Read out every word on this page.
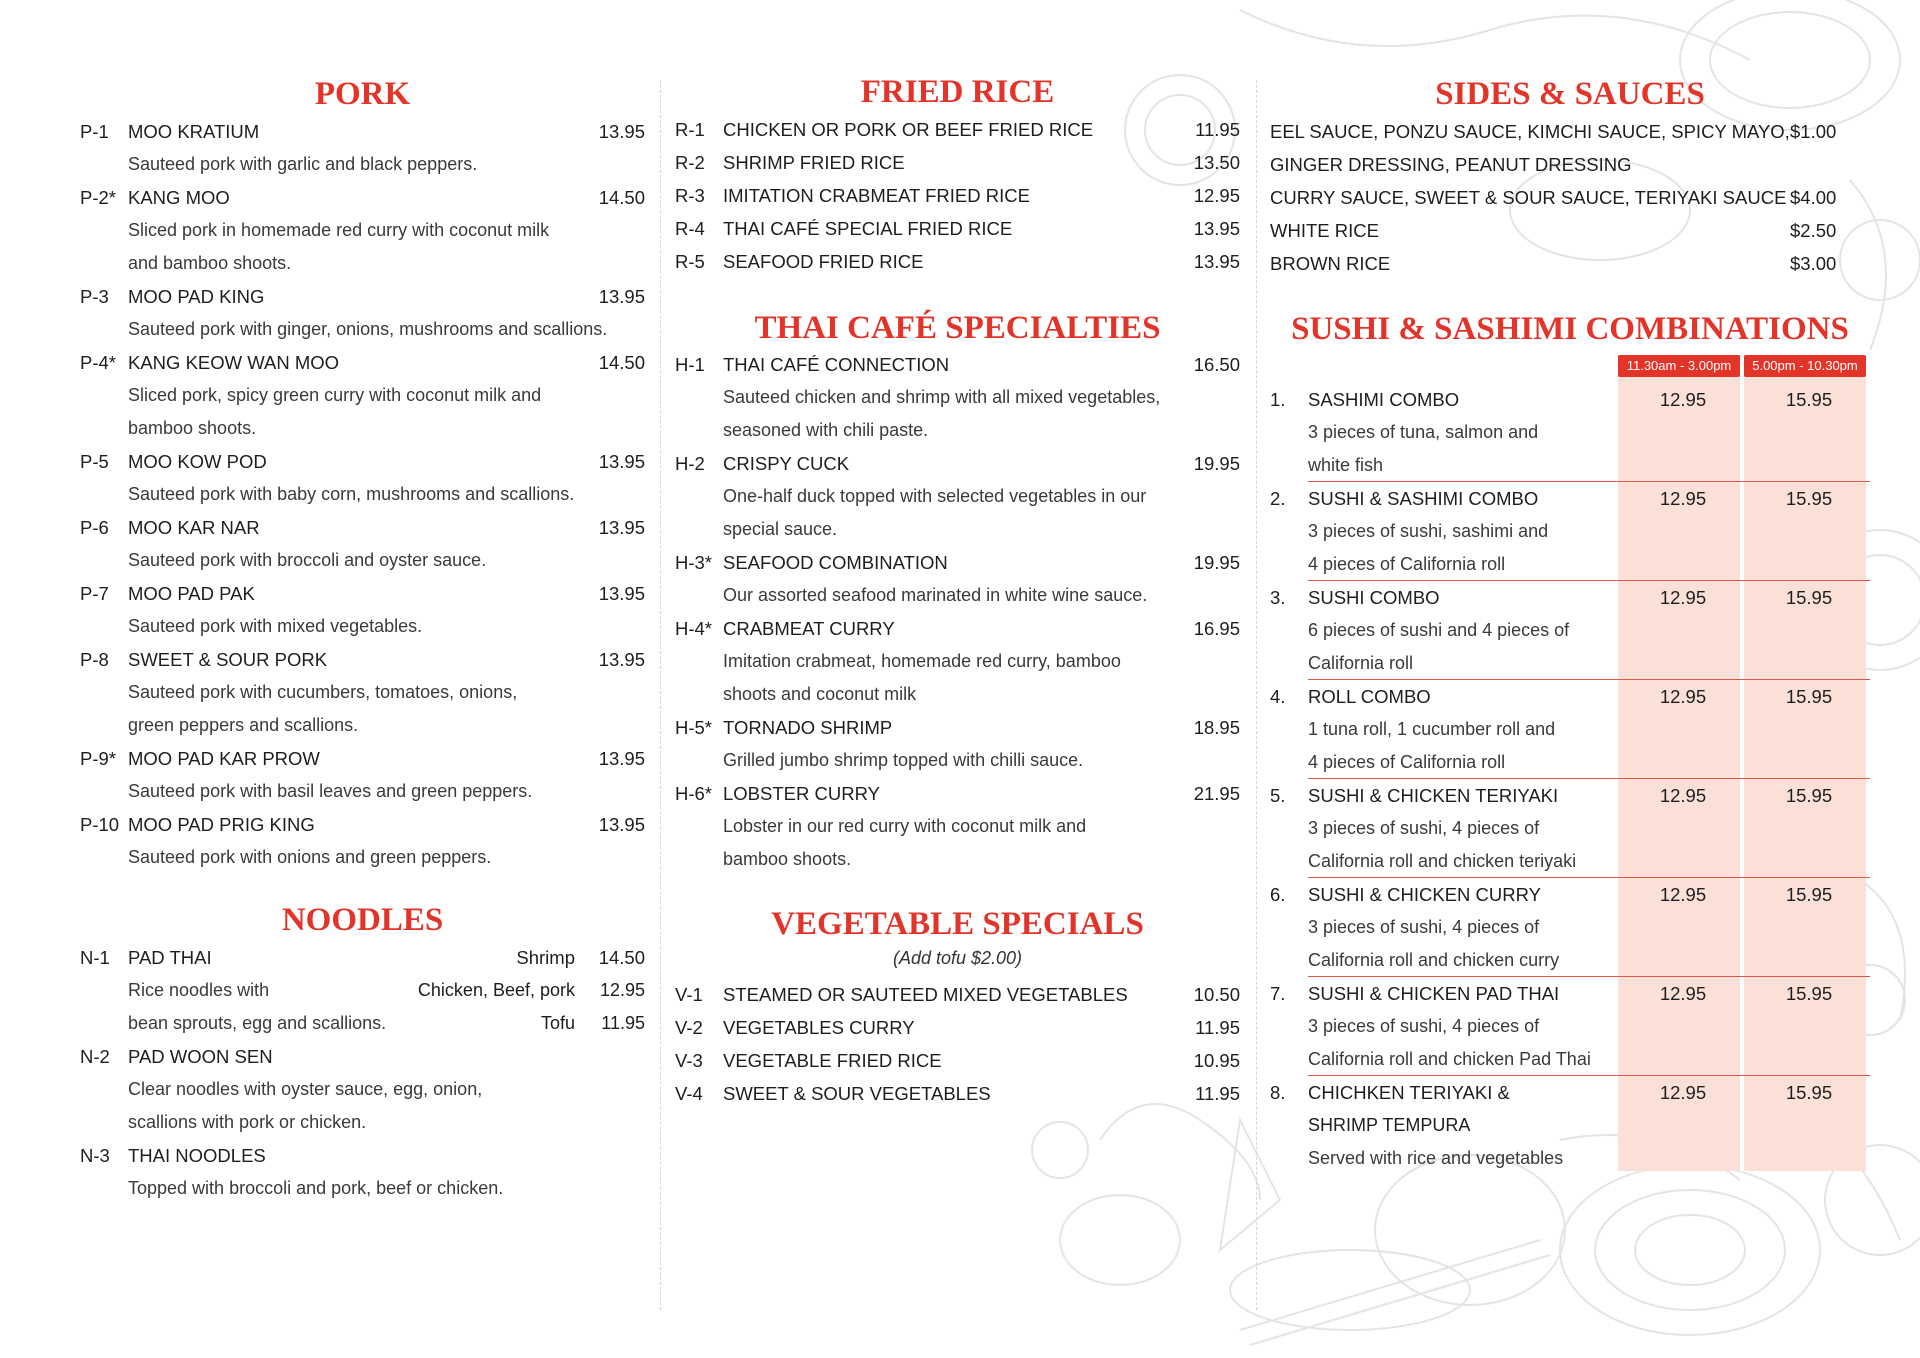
PORK
P-1	MOO KRATIUM	13.95
Sauteed pork with garlic and black peppers.
P-2* KANG MOO	14.50
Sliced pork in homemade red curry with coconut milk
and bamboo shoots.
P-3	MOO PAD KING	13.95
Sauteed pork with ginger, onions, mushrooms and scallions.
P-4* KANG KEOW WAN MOO	14.50
Sliced pork, spicy green curry with coconut milk and
bamboo shoots.
P-5	MOO KOW POD	13.95
Sauteed pork with baby corn, mushrooms and scallions.
P-6	MOO KAR NAR	13.95
Sauteed pork with broccoli and oyster sauce.
P-7	MOO PAD PAK	13.95
Sauteed pork with mixed vegetables.
P-8	SWEET & SOUR PORK	13.95
Sauteed pork with cucumbers, tomatoes, onions,
green peppers and scallions.
P-9* MOO PAD KAR PROW	13.95
Sauteed pork with basil leaves and green peppers.
P-10 MOO PAD PRIG KING	13.95
Sauteed pork with onions and green peppers.
NOODLES
N-1 PAD THAI	Shrimp	14.50
Rice noodles with	Chicken, Beef, pork	12.95
bean sprouts, egg and scallions.	Tofu	11.95
N-2 PAD WOON SEN
Clear noodles with oyster sauce, egg, onion,
scallions with pork or chicken.
N-3 THAI NOODLES
Topped with broccoli and pork, beef or chicken.
FRIED RICE
R-1 CHICKEN OR PORK OR BEEF FRIED RICE	11.95
R-2 SHRIMP FRIED RICE	13.50
R-3 IMITATION CRABMEAT FRIED RICE	12.95
R-4 THAI CAFÉ SPECIAL FRIED RICE	13.95
R-5 SEAFOOD FRIED RICE	13.95
THAI CAFÉ SPECIALTIES
H-1 THAI CAFÉ CONNECTION	16.50
Sauteed chicken and shrimp with all mixed vegetables,
seasoned with chili paste.
H-2 CRISPY CUCK	19.95
One-half duck topped with selected vegetables in our
special sauce.
H-3* SEAFOOD COMBINATION	19.95
Our assorted seafood marinated in white wine sauce.
H-4* CRABMEAT CURRY	16.95
Imitation crabmeat, homemade red curry, bamboo
shoots and coconut milk
H-5* TORNADO SHRIMP	18.95
Grilled jumbo shrimp topped with chilli sauce.
H-6* LOBSTER CURRY	21.95
Lobster in our red curry with coconut milk and
bamboo shoots.
VEGETABLE SPECIALS
(Add tofu $2.00)
V-1	STEAMED OR SAUTEED MIXED VEGETABLES	10.50
V-2	VEGETABLES CURRY	11.95
V-3	VEGETABLE FRIED RICE	10.95
V-4	SWEET & SOUR VEGETABLES	11.95
SIDES & SAUCES
EEL SAUCE, PONZU SAUCE, KIMCHI SAUCE, SPICY MAYO, $1.00
GINGER DRESSING, PEANUT DRESSING
CURRY SAUCE, SWEET & SOUR SAUCE, TERIYAKI SAUCE $4.00
WHITE RICE	$2.50
BROWN RICE	$3.00
SUSHI & SASHIMI COMBINATIONS
11.30am - 3.00pm	5.00pm - 10.30pm
1.	SASHIMI COMBO	12.95	15.95
3 pieces of tuna, salmon and
white fish
2.	SUSHI & SASHIMI COMBO	12.95	15.95
3 pieces of sushi, sashimi and
4 pieces of California roll
3.	SUSHI COMBO	12.95	15.95
6 pieces of sushi and 4 pieces of
California roll
4.	ROLL COMBO	12.95	15.95
1 tuna roll, 1 cucumber roll and
4 pieces of California roll
5.	SUSHI & CHICKEN TERIYAKI	12.95	15.95
3 pieces of sushi, 4 pieces of
California roll and chicken teriyaki
6.	SUSHI & CHICKEN CURRY	12.95	15.95
3 pieces of sushi, 4 pieces of
California roll and chicken curry
7.	SUSHI & CHICKEN PAD THAI	12.95	15.95
3 pieces of sushi, 4 pieces of
California roll and chicken Pad Thai
8.	CHICHKEN TERIYAKI &	12.95	15.95
SHRIMP TEMPURA
Served with rice and vegetables
